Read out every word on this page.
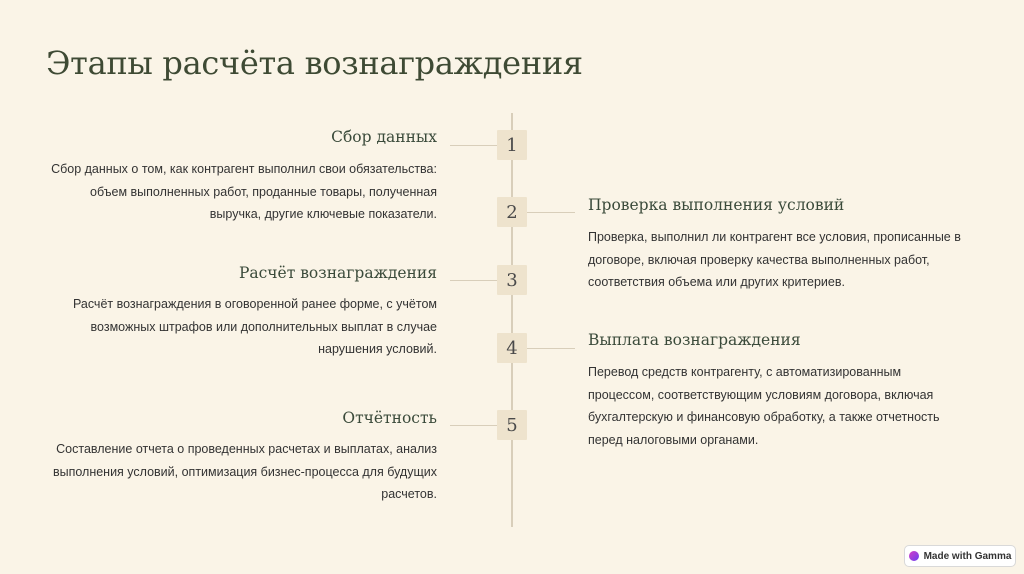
Этапы расчёта вознаграждения
1
2
3
4
5
Сбор данных

Сбор данных о том, как контрагент выполнил свои обязательства: объем выполненных работ, проданные товары, полученная выручка, другие ключевые показатели.	Проверка выполнения условий

Проверка, выполнил ли контрагент все условия, прописанные в договоре, включая проверку качества выполненных работ, соответствия объема или других критериев.

Расчёт вознаграждения

Расчёт вознаграждения в оговоренной ранее форме, с учётом возможных штрафов или дополнительных выплат в случае нарушения условий.	Выплата вознаграждения

Перевод средств контрагенту, с автоматизированным процессом, соответствующим условиям договора, включая бухгалтерскую и финансовую обработку, а также отчетность перед налоговыми органами.

Отчётность

Составление отчета о проведенных расчетах и выплатах, анализ выполнения условий, оптимизация бизнес-процесса для будущих расчетов.

Made with Gamma
